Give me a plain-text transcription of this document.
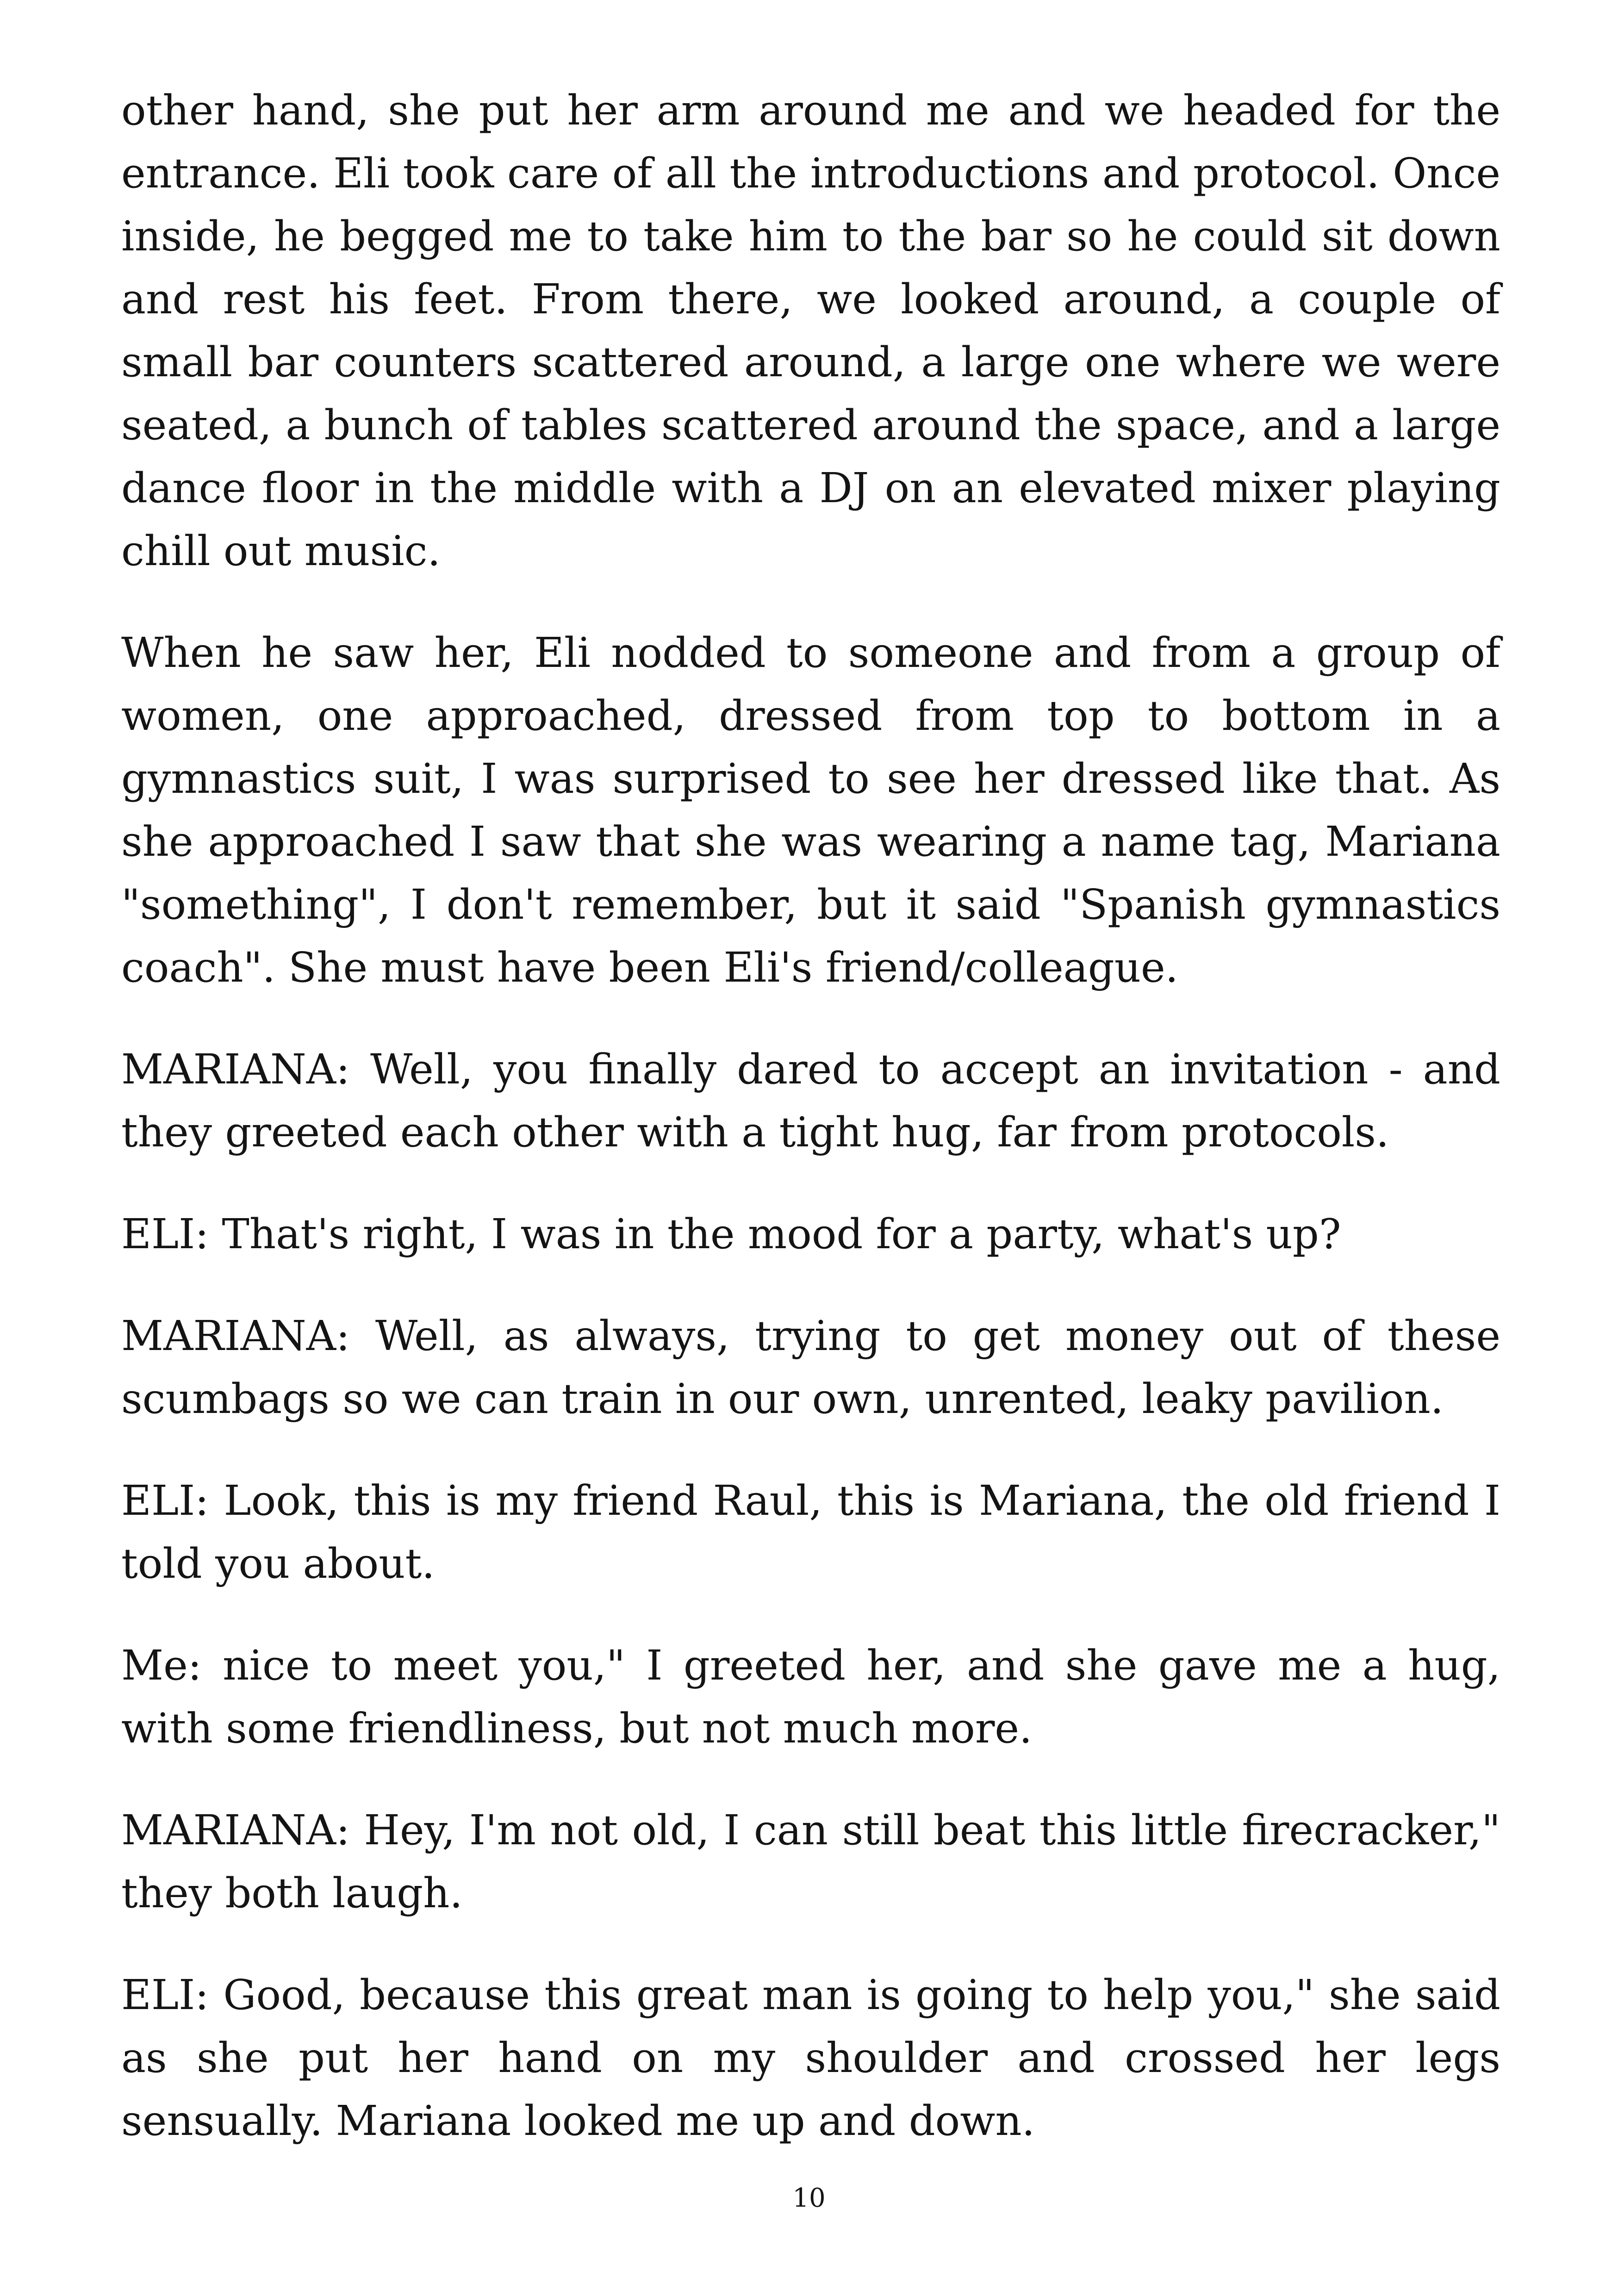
other hand, she put her arm around me and we headed for the entrance. Eli took care of all the introductions and protocol. Once inside, he begged me to take him to the bar so he could sit down and rest his feet. From there, we looked around, a couple of small bar counters scattered around, a large one where we were seated, a bunch of tables scattered around the space, and a large dance floor in the middle with a DJ on an elevated mixer playing chill out music.

When he saw her, Eli nodded to someone and from a group of women, one approached, dressed from top to bottom in a gymnastics suit, I was surprised to see her dressed like that. As she approached I saw that she was wearing a name tag, Mariana "something", I don't remember, but it said "Spanish gymnastics coach". She must have been Eli's friend/colleague.

MARIANA: Well, you finally dared to accept an invitation - and they greeted each other with a tight hug, far from protocols.

ELI: That's right, I was in the mood for a party, what's up?

MARIANA: Well, as always, trying to get money out of these scumbags so we can train in our own, unrented, leaky pavilion.

ELI: Look, this is my friend Raul, this is Mariana, the old friend I told you about.

Me: nice to meet you," I greeted her, and she gave me a hug, with some friendliness, but not much more.

MARIANA: Hey, I'm not old, I can still beat this little firecracker," they both laugh.

ELI: Good, because this great man is going to help you," she said as she put her hand on my shoulder and crossed her legs sensually. Mariana looked me up and down.

10
